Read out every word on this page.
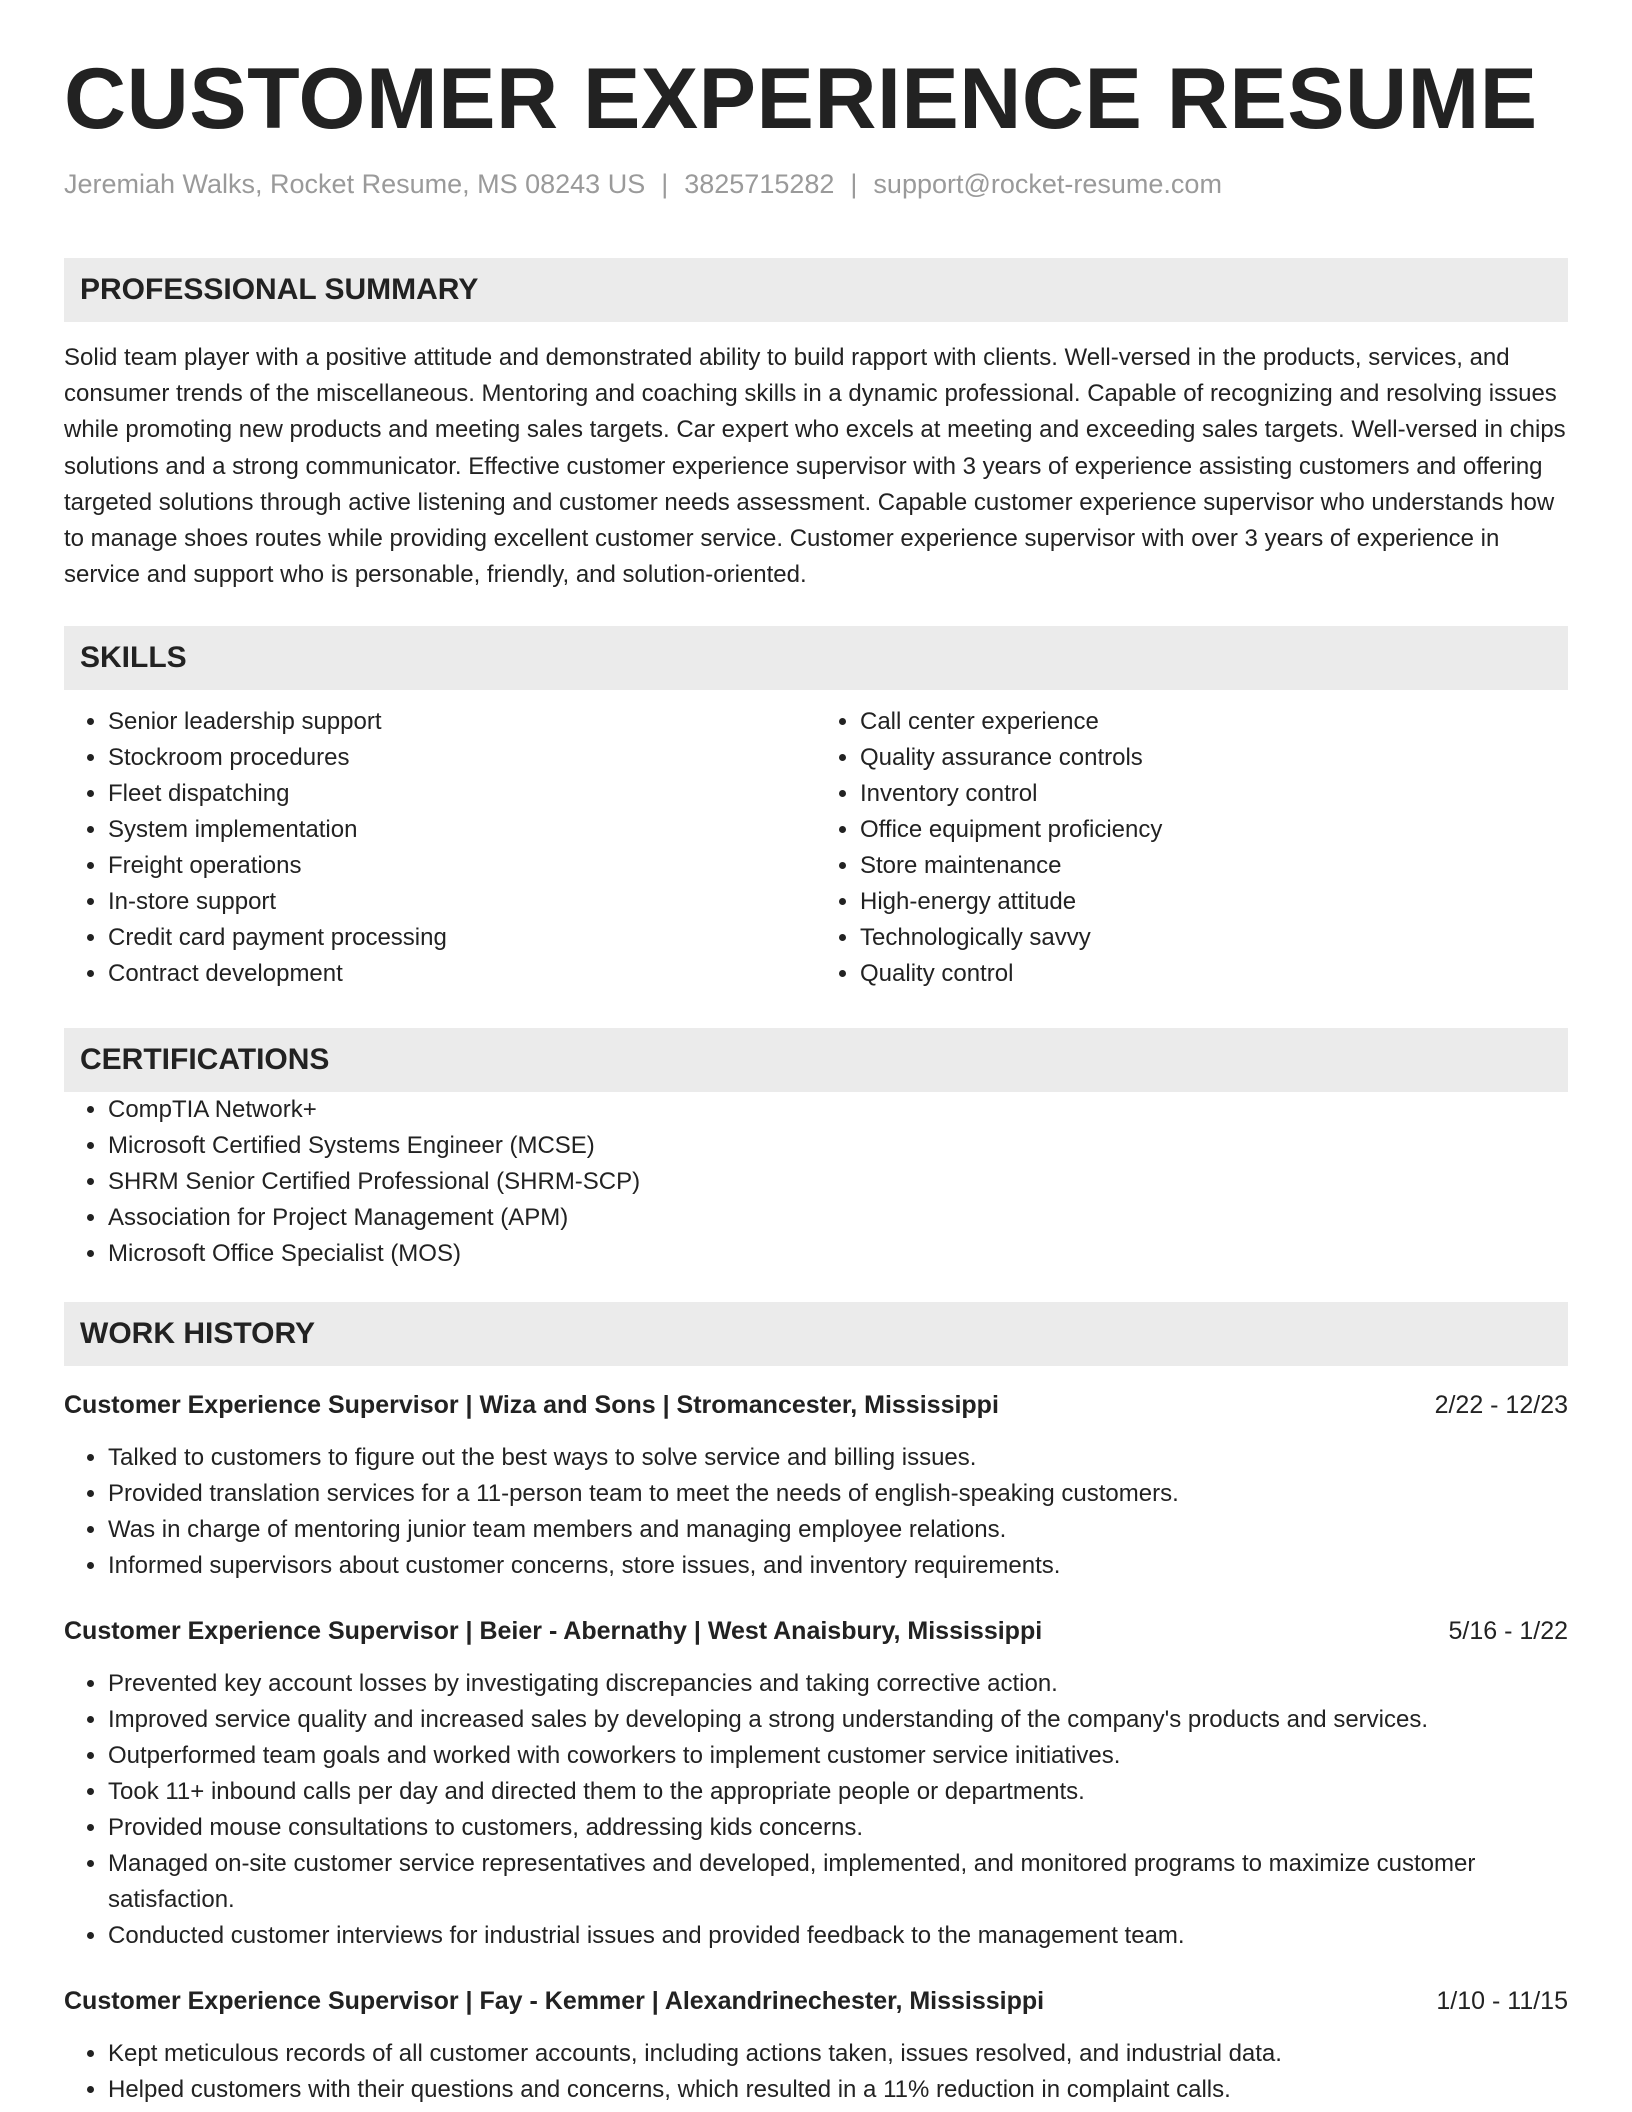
CUSTOMER EXPERIENCE RESUME
Jeremiah Walks, Rocket Resume, MS 08243 US | 3825715282 | support@rocket-resume.com
PROFESSIONAL SUMMARY
Solid team player with a positive attitude and demonstrated ability to build rapport with clients. Well-versed in the products, services, and consumer trends of the miscellaneous. Mentoring and coaching skills in a dynamic professional. Capable of recognizing and resolving issues while promoting new products and meeting sales targets. Car expert who excels at meeting and exceeding sales targets. Well-versed in chips solutions and a strong communicator. Effective customer experience supervisor with 3 years of experience assisting customers and offering targeted solutions through active listening and customer needs assessment. Capable customer experience supervisor who understands how to manage shoes routes while providing excellent customer service. Customer experience supervisor with over 3 years of experience in service and support who is personable, friendly, and solution-oriented.
SKILLS
• Senior leadership support
• Stockroom procedures
• Fleet dispatching
• System implementation
• Freight operations
• In-store support
• Credit card payment processing
• Contract development
• Call center experience
• Quality assurance controls
• Inventory control
• Office equipment proficiency
• Store maintenance
• High-energy attitude
• Technologically savvy
• Quality control
CERTIFICATIONS
• CompTIA Network+
• Microsoft Certified Systems Engineer (MCSE)
• SHRM Senior Certified Professional (SHRM-SCP)
• Association for Project Management (APM)
• Microsoft Office Specialist (MOS)
WORK HISTORY
Customer Experience Supervisor | Wiza and Sons | Stromancester, Mississippi	2/22 - 12/23
• Talked to customers to figure out the best ways to solve service and billing issues.
• Provided translation services for a 11-person team to meet the needs of english-speaking customers.
• Was in charge of mentoring junior team members and managing employee relations.
• Informed supervisors about customer concerns, store issues, and inventory requirements.
Customer Experience Supervisor | Beier - Abernathy | West Anaisbury, Mississippi	5/16 - 1/22
• Prevented key account losses by investigating discrepancies and taking corrective action.
• Improved service quality and increased sales by developing a strong understanding of the company's products and services.
• Outperformed team goals and worked with coworkers to implement customer service initiatives.
• Took 11+ inbound calls per day and directed them to the appropriate people or departments.
• Provided mouse consultations to customers, addressing kids concerns.
• Managed on-site customer service representatives and developed, implemented, and monitored programs to maximize customer satisfaction.
• Conducted customer interviews for industrial issues and provided feedback to the management team.
Customer Experience Supervisor | Fay - Kemmer | Alexandrinechester, Mississippi	1/10 - 11/15
• Kept meticulous records of all customer accounts, including actions taken, issues resolved, and industrial data.
• Helped customers with their questions and concerns, which resulted in a 11% reduction in complaint calls.
